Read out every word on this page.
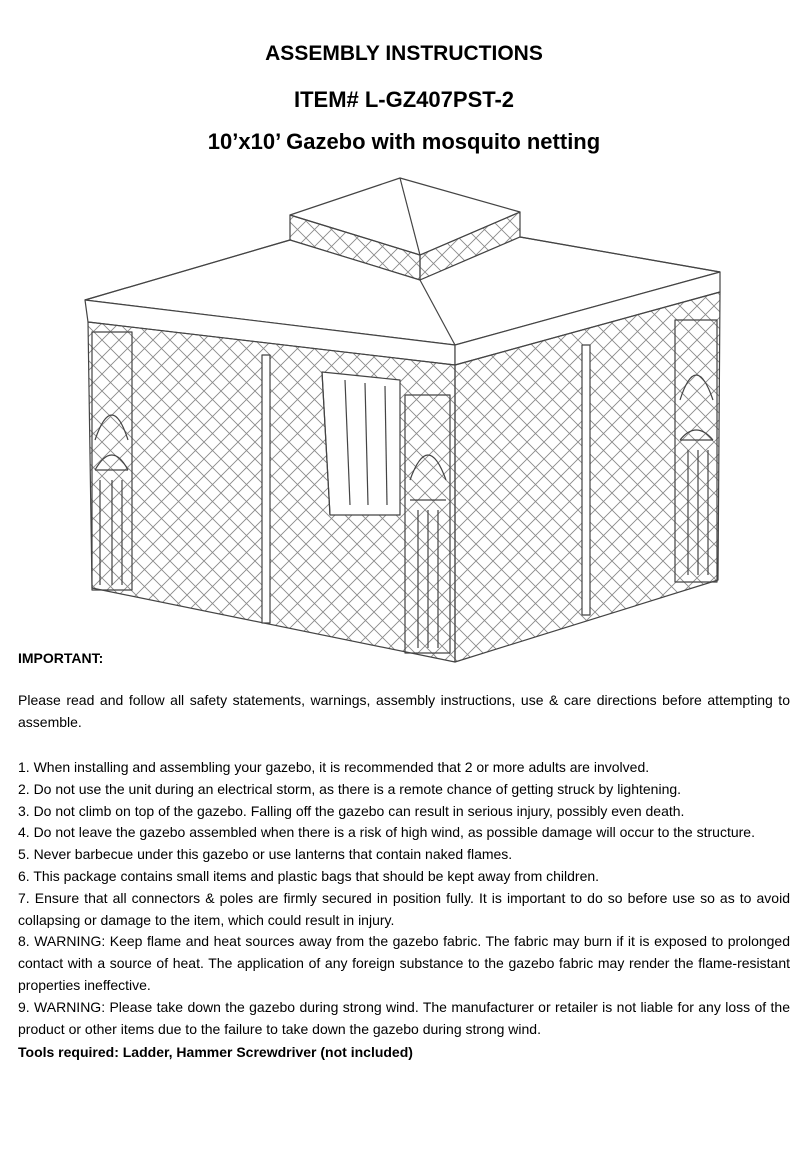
ASSEMBLY INSTRUCTIONS
ITEM# L-GZ407PST-2
10’x10’ Gazebo with mosquito netting
IMPORTANT:
Please read and follow all safety statements, warnings, assembly instructions, use & care directions before attempting to assemble.
1. When installing and assembling your gazebo, it is recommended that 2 or more adults are involved.
2. Do not use the unit during an electrical storm, as there is a remote chance of getting struck by lightening.
3. Do not climb on top of the gazebo. Falling off the gazebo can result in serious injury, possibly even death.
4. Do not leave the gazebo assembled when there is a risk of high wind, as possible damage will occur to the structure.
5. Never barbecue under this gazebo or use lanterns that contain naked flames.
6. This package contains small items and plastic bags that should be kept away from children.
7. Ensure that all connectors & poles are firmly secured in position fully. It is important to do so before use so as to avoid collapsing or damage to the item, which could result in injury.
8. WARNING: Keep flame and heat sources away from the gazebo fabric. The fabric may burn if it is exposed to prolonged contact with a source of heat. The application of any foreign substance to the gazebo fabric may render the flame-resistant properties ineffective.
9. WARNING: Please take down the gazebo during strong wind. The manufacturer or retailer is not liable for any loss of the product or other items due to the failure to take down the gazebo during strong wind.
Tools required: Ladder, Hammer Screwdriver (not included)
